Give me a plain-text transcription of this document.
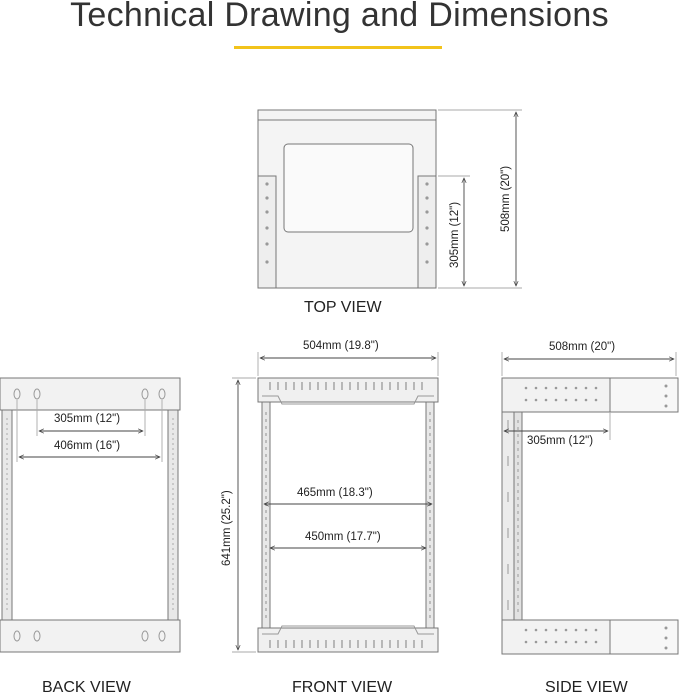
Technical Drawing and Dimensions
508mm (20")
305mm (12")
TOP VIEW
305mm (12")
406mm (16")
BACK VIEW
504mm (19.8")
641mm (25.2")	465mm (18.3")
450mm (17.7")
FRONT VIEW
508mm (20")
305mm (12")
SIDE VIEW
